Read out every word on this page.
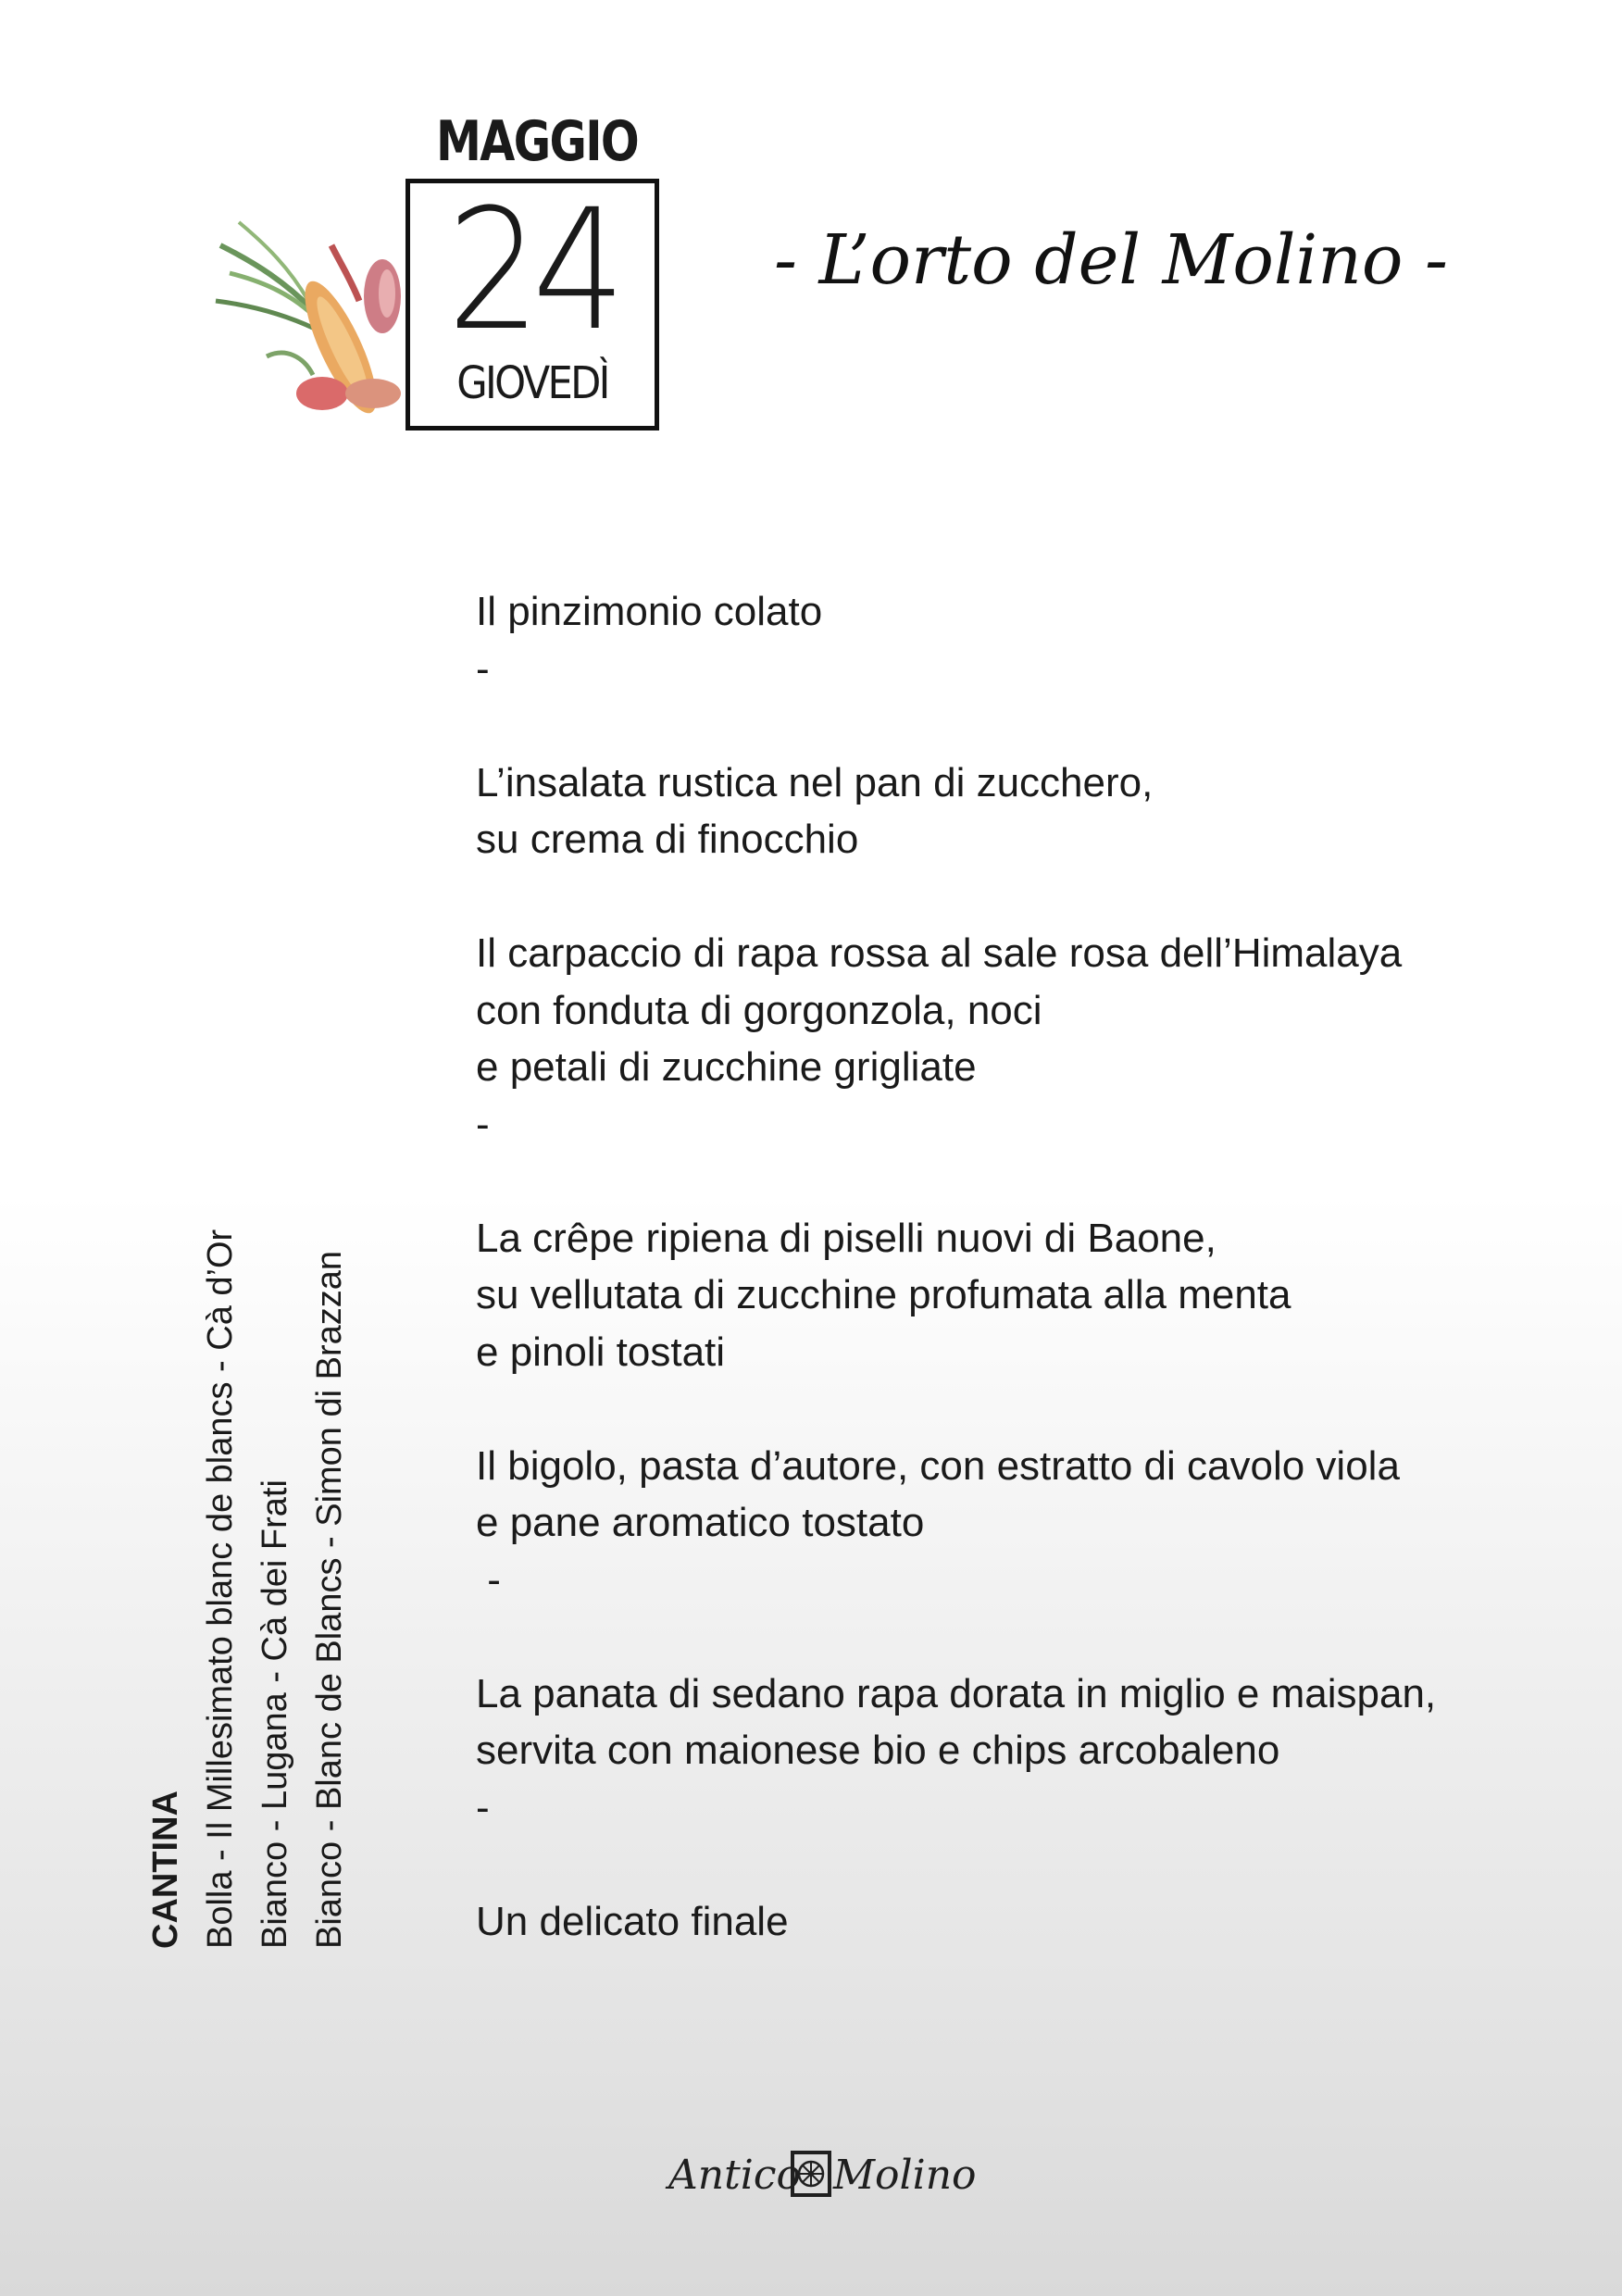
MAGGIO
24
GIOVEDÌ
- L’orto del Molino -
Il pinzimonio colato
-
L’insalata rustica nel pan di zucchero,
su crema di finocchio
Il carpaccio di rapa rossa al sale rosa dell’Himalaya
con fonduta di gorgonzola, noci
e petali di zucchine grigliate
-
La crêpe ripiena di piselli nuovi di Baone,
su vellutata di zucchine profumata alla menta
e pinoli tostati
Il bigolo, pasta d’autore, con estratto di cavolo viola
e pane aromatico tostato
-
La panata di sedano rapa dorata in miglio e maispan,
servita con maionese bio e chips arcobaleno
-
Un delicato finale
CANTINA Bolla - Il Millesimato blanc de blancs - Cà d’Or Bianco - Lugana - Cà dei Frati Bianco - Blanc de Blancs - Simon di Brazzan
Antico Molino
